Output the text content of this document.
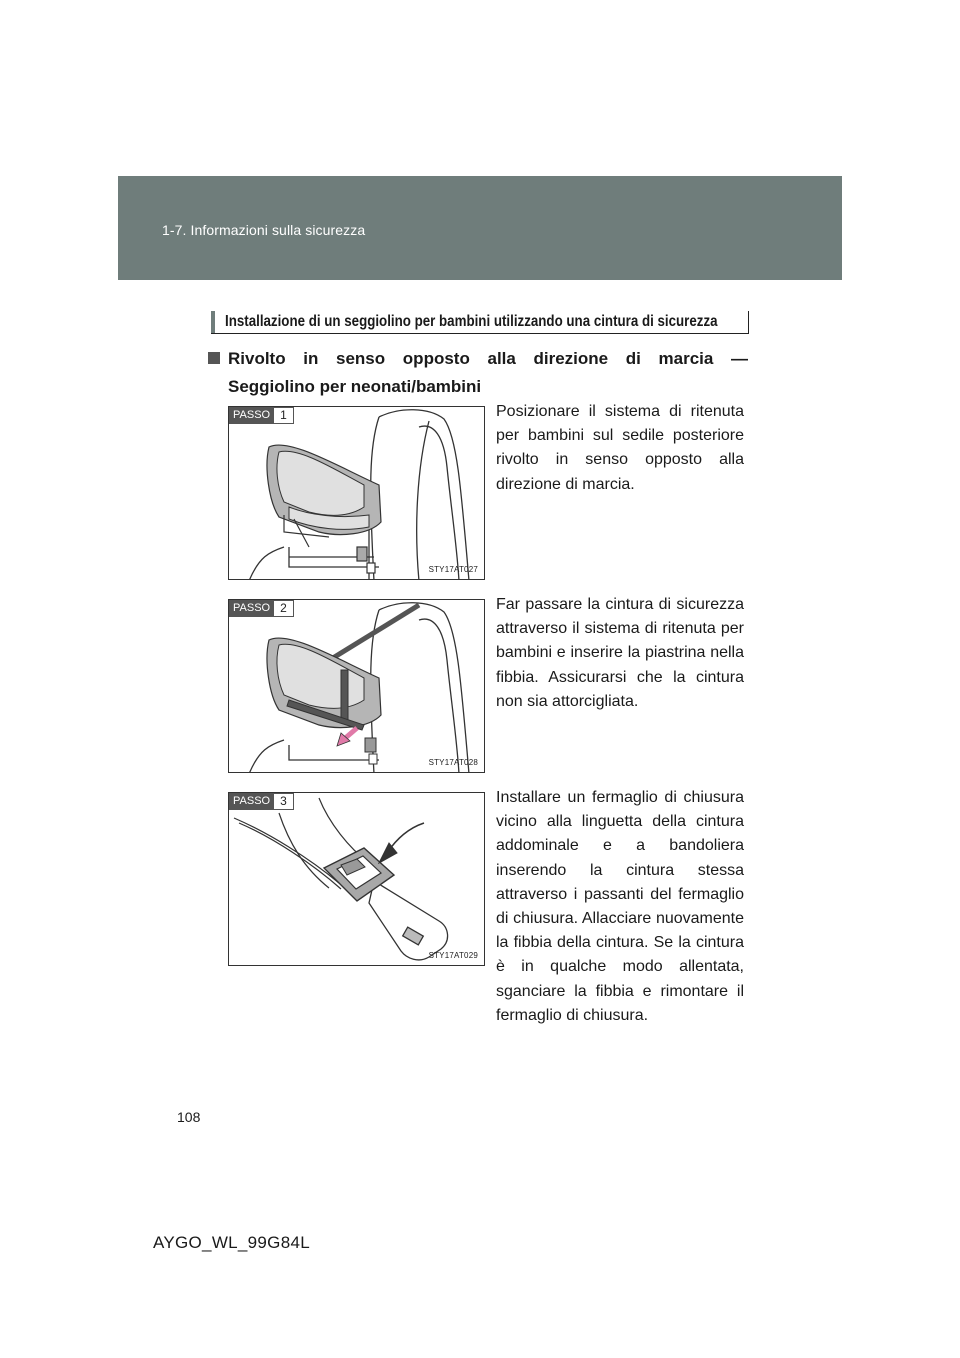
1-7. Informazioni sulla sicurezza
Installazione di un seggiolino per bambini utilizzando una cintura di sicurezza
Rivolto in senso opposto alla direzione di marcia —
Seggiolino per neonati/bambini
PASSO 1
STY17AT027
Posizionare il sistema di ritenuta per bambini sul sedile posteriore rivolto in senso opposto alla direzione di marcia.
PASSO 2
STY17AT028
Far passare la cintura di sicurezza attraverso il sistema di ritenuta per bambini e inserire la piastrina nella fibbia. Assicurarsi che la cintura non sia attorcigliata.
PASSO 3
STY17AT029
Installare un fermaglio di chiusura vicino alla linguetta della cintura addominale e a bandoliera inserendo la cintura stessa attraverso i passanti del fermaglio di chiusura. Allacciare nuovamente la fibbia della cintura. Se la cintura è in qualche modo allentata, sganciare la fibbia e rimontare il fermaglio di chiusura.
108
AYGO_WL_99G84L
